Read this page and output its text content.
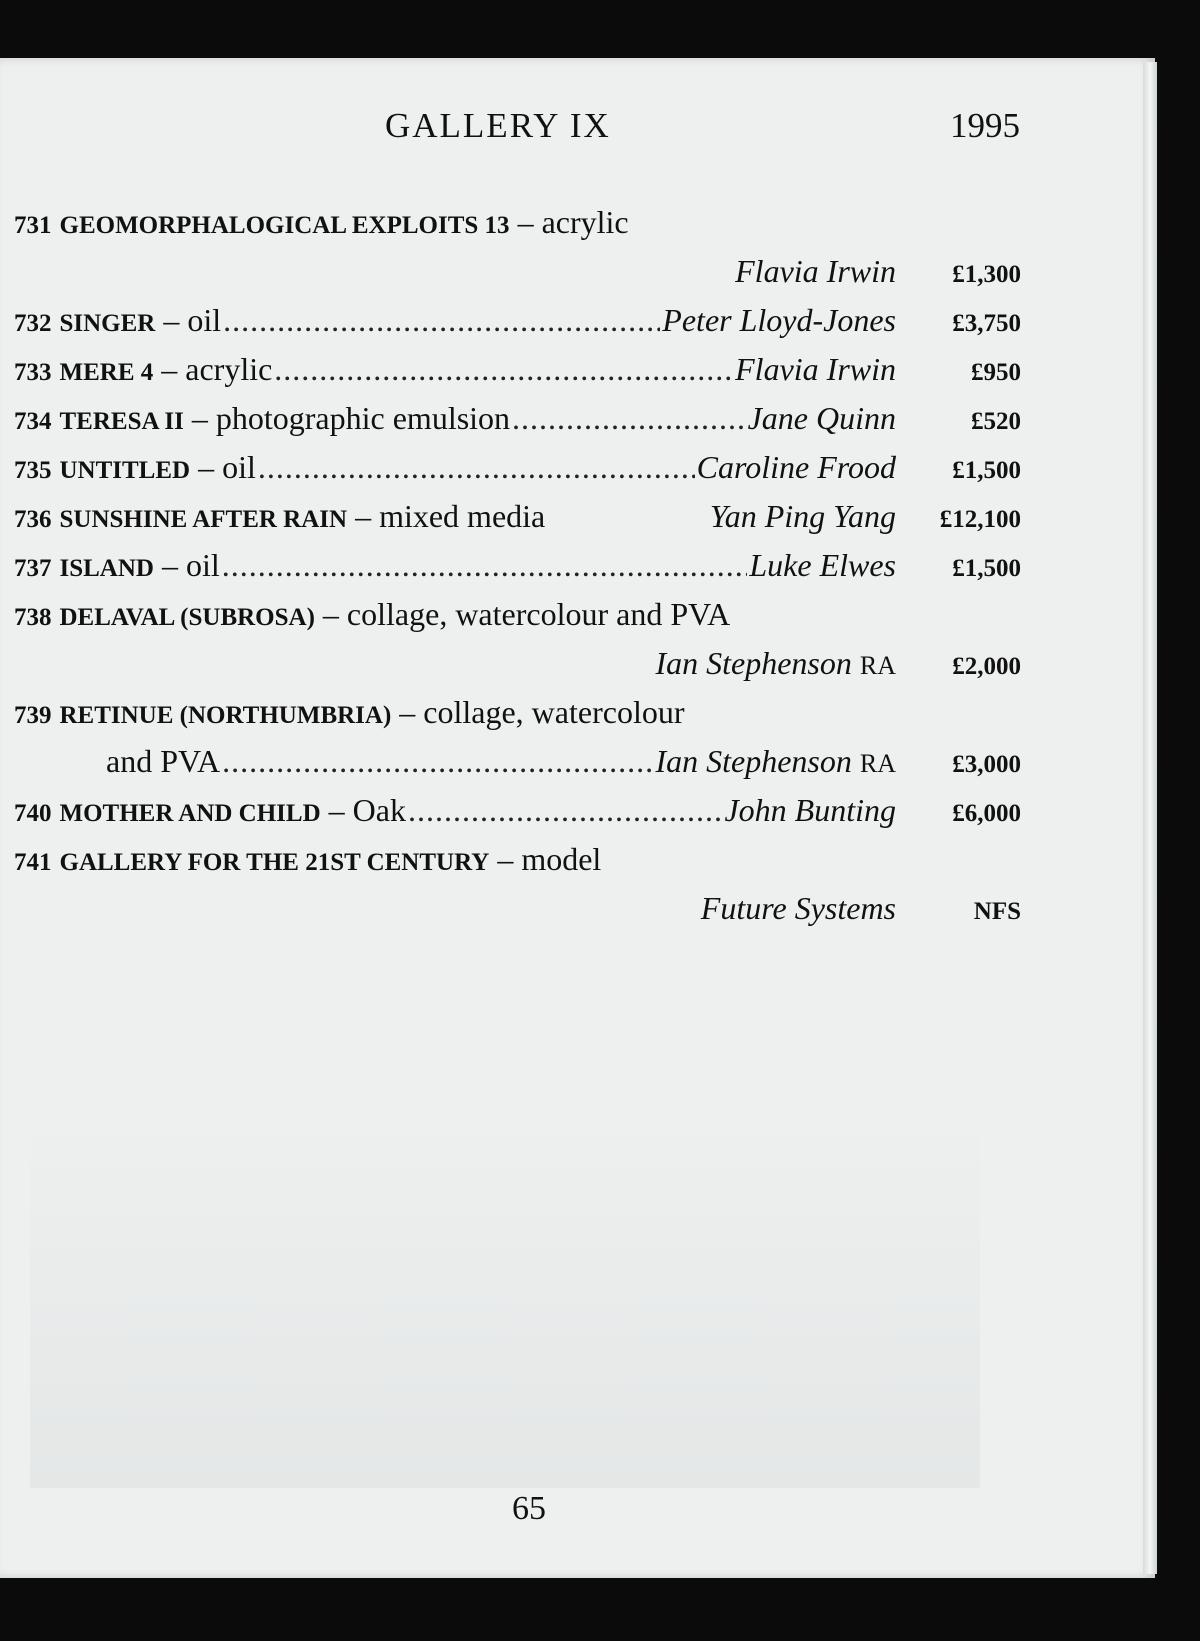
GALLERY IX	1995
731 GEOMORPHALOGICAL EXPLOITS 13 – acrylic
Flavia Irwin	£1,300
732 SINGER – oil .....	Peter Lloyd-Jones	£3,750
733 MERE 4 – acrylic .....	Flavia Irwin	£950
734 TERESA II – photographic emulsion .....	Jane Quinn	£520
735 UNTITLED – oil .....	Caroline Frood	£1,500
736 SUNSHINE AFTER RAIN – mixed media	Yan Ping Yang	£12,100
737 ISLAND – oil .....	Luke Elwes	£1,500
738 DELAVAL (SUBROSA) – collage, watercolour and PVA
Ian Stephenson RA	£2,000
739 RETINUE (NORTHUMBRIA) – collage, watercolour
and PVA .....	Ian Stephenson RA	£3,000
740 MOTHER AND CHILD – Oak .....	John Bunting	£6,000
741 GALLERY FOR THE 21ST CENTURY – model
Future Systems	NFS
65
